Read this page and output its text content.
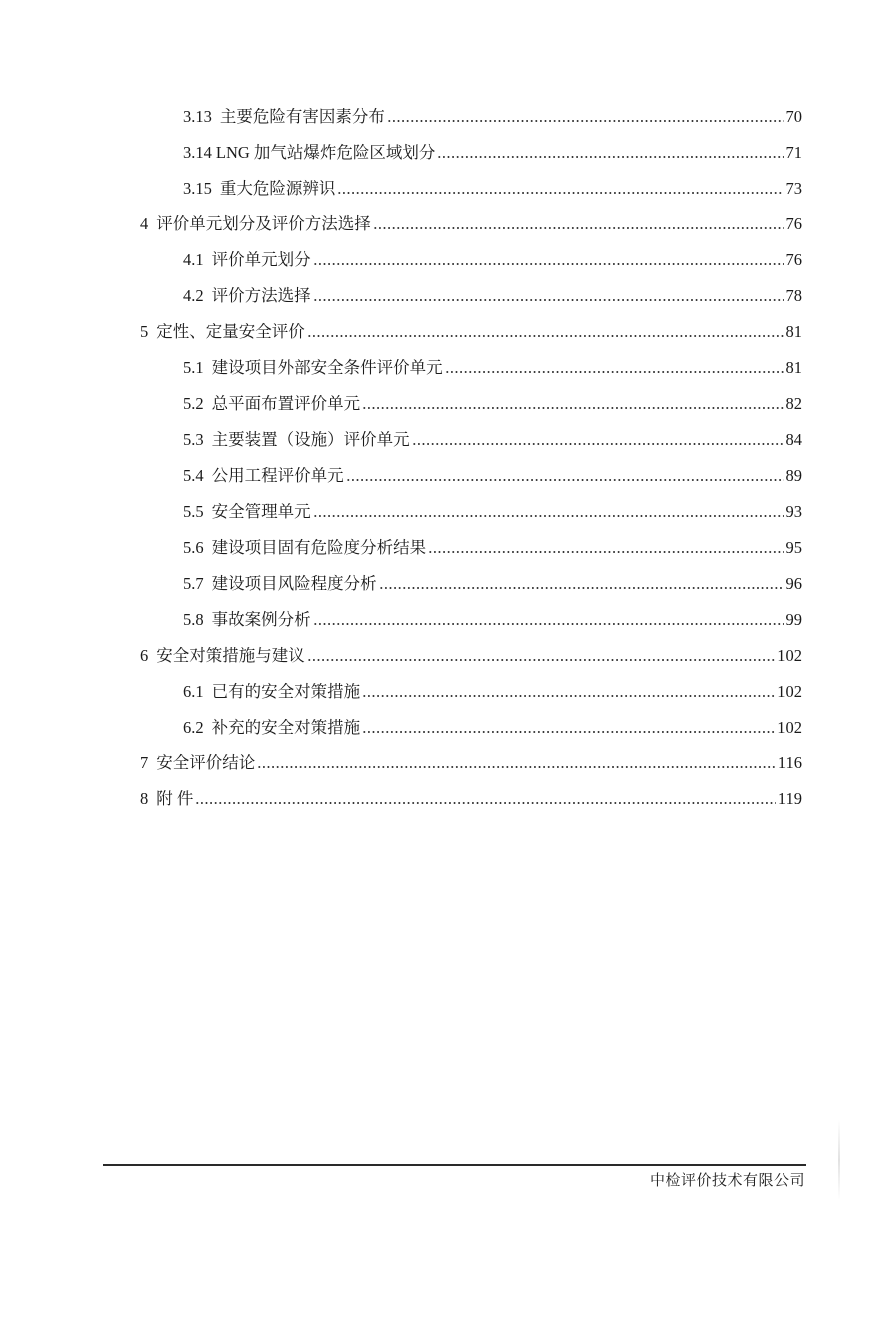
3.13 主要危险有害因素分布	70
3.14 LNG 加气站爆炸危险区域划分	71
3.15 重大危险源辨识	73
4 评价单元划分及评价方法选择	76
4.1 评价单元划分	76
4.2 评价方法选择	78
5 定性、定量安全评价	81
5.1 建设项目外部安全条件评价单元	81
5.2 总平面布置评价单元	82
5.3 主要装置（设施）评价单元	84
5.4 公用工程评价单元	89
5.5 安全管理单元	93
5.6 建设项目固有危险度分析结果	95
5.7 建设项目风险程度分析	96
5.8 事故案例分析	99
6 安全对策措施与建议	102
6.1 已有的安全对策措施	102
6.2 补充的安全对策措施	102
7 安全评价结论	116
8 附 件	119
中检评价技术有限公司
